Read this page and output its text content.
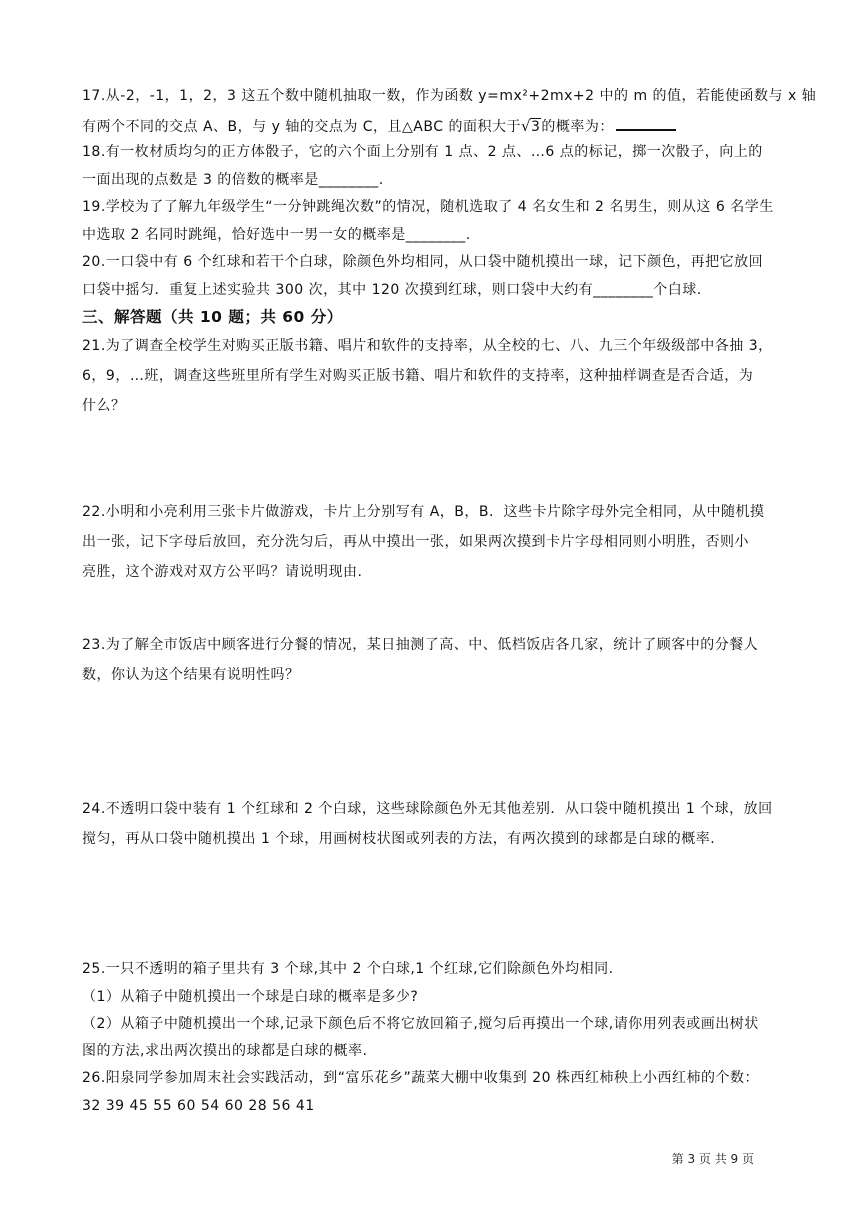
17.从-2，-1，1，2，3 这五个数中随机抽取一数，作为函数 y=mx²+2mx+2 中的 m 的值，若能使函数与 x 轴
有两个不同的交点 A、B，与 y 轴的交点为 C，且△ABC 的面积大于 √ 3的概率为：
18.有一枚材质均匀的正方体骰子，它的六个面上分别有 1 点、2 点、…6 点的标记，掷一次骰子，向上的
一面出现的点数是 3 的倍数的概率是________.
19.学校为了了解九年级学生“一分钟跳绳次数”的情况，随机选取了 4 名女生和 2 名男生，则从这 6 名学生
中选取 2 名同时跳绳，恰好选中一男一女的概率是________.
20.一口袋中有 6 个红球和若干个白球，除颜色外均相同，从口袋中随机摸出一球，记下颜色，再把它放回
口袋中摇匀．重复上述实验共 300 次，其中 120 次摸到红球，则口袋中大约有________个白球.
三、解答题（共 10 题；共 60 分）
21.为了调查全校学生对购买正版书籍、唱片和软件的支持率，从全校的七、八、九三个年级级部中各抽 3，
6，9，…班，调查这些班里所有学生对购买正版书籍、唱片和软件的支持率，这种抽样调查是否合适，为
什么？
22.小明和小亮利用三张卡片做游戏，卡片上分别写有 A，B，B．这些卡片除字母外完全相同，从中随机摸
出一张，记下字母后放回，充分洗匀后，再从中摸出一张，如果两次摸到卡片字母相同则小明胜，否则小
亮胜，这个游戏对双方公平吗？请说明现由.
23.为了解全市饭店中顾客进行分餐的情况，某日抽测了高、中、低档饭店各几家，统计了顾客中的分餐人
数，你认为这个结果有说明性吗？
24.不透明口袋中装有 1 个红球和 2 个白球，这些球除颜色外无其他差别．从口袋中随机摸出 1 个球，放回
搅匀，再从口袋中随机摸出 1 个球，用画树枝状图或列表的方法，有两次摸到的球都是白球的概率.
25.一只不透明的箱子里共有 3 个球,其中 2 个白球,1 个红球,它们除颜色外均相同.
（1）从箱子中随机摸出一个球是白球的概率是多少?
（2）从箱子中随机摸出一个球,记录下颜色后不将它放回箱子,搅匀后再摸出一个球,请你用列表或画出树状
图的方法,求出两次摸出的球都是白球的概率.
26.阳泉同学参加周末社会实践活动，到“富乐花乡”蔬菜大棚中收集到 20 株西红柿秧上小西红柿的个数：
32 39 45 55 60 54 60 28 56 41
第 3 页 共 9 页
